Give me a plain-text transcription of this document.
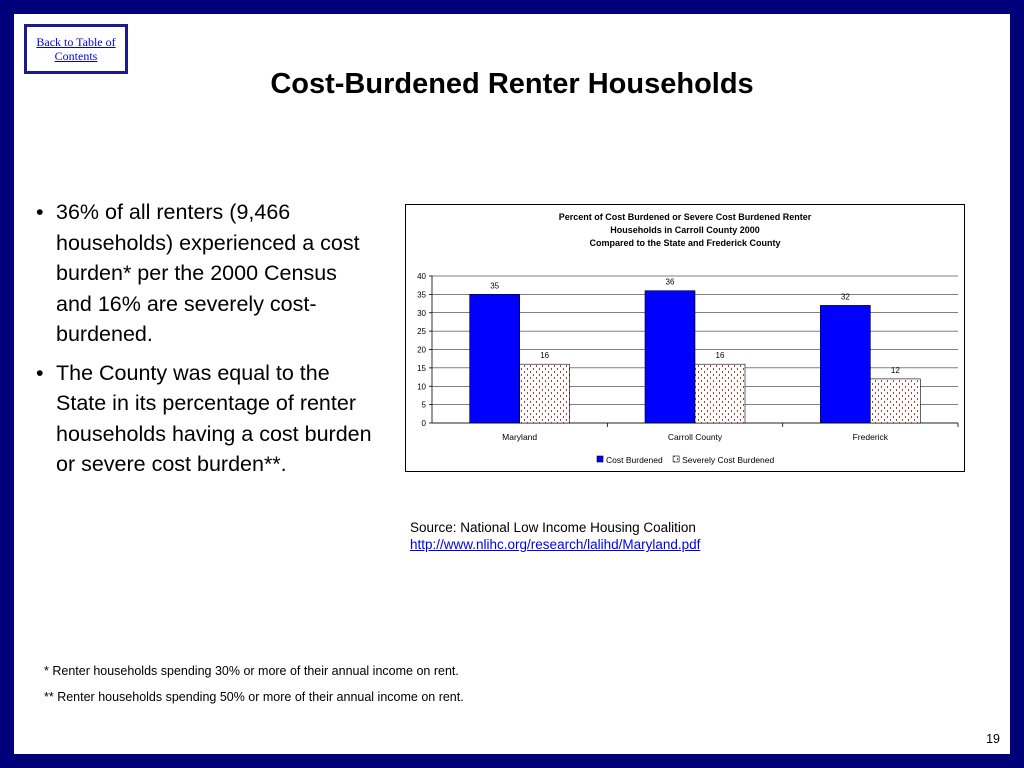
Back to Table of Contents
Cost-Burdened Renter Households
• 36% of all renters (9,466 households) experienced a cost burden* per the 2000 Census and 16% are severely cost-burdened.
• The County was equal to the State in its percentage of renter households having a cost burden or severe cost burden**.
Percent of Cost Burdened or Severe Cost Burdened Renter
Households in Carroll County 2000
Compared to the State and Frederick County
0
5
10
15
20
25
30
35
40
35
16
Maryland
36
16
Carroll County
32
12
Frederick
Cost Burdened Severely Cost Burdened
Source: National Low Income Housing Coalition
http://www.nlihc.org/research/lalihd/Maryland.pdf
* Renter households spending 30% or more of their annual income on rent.
** Renter households spending 50% or more of their annual income on rent.
19
